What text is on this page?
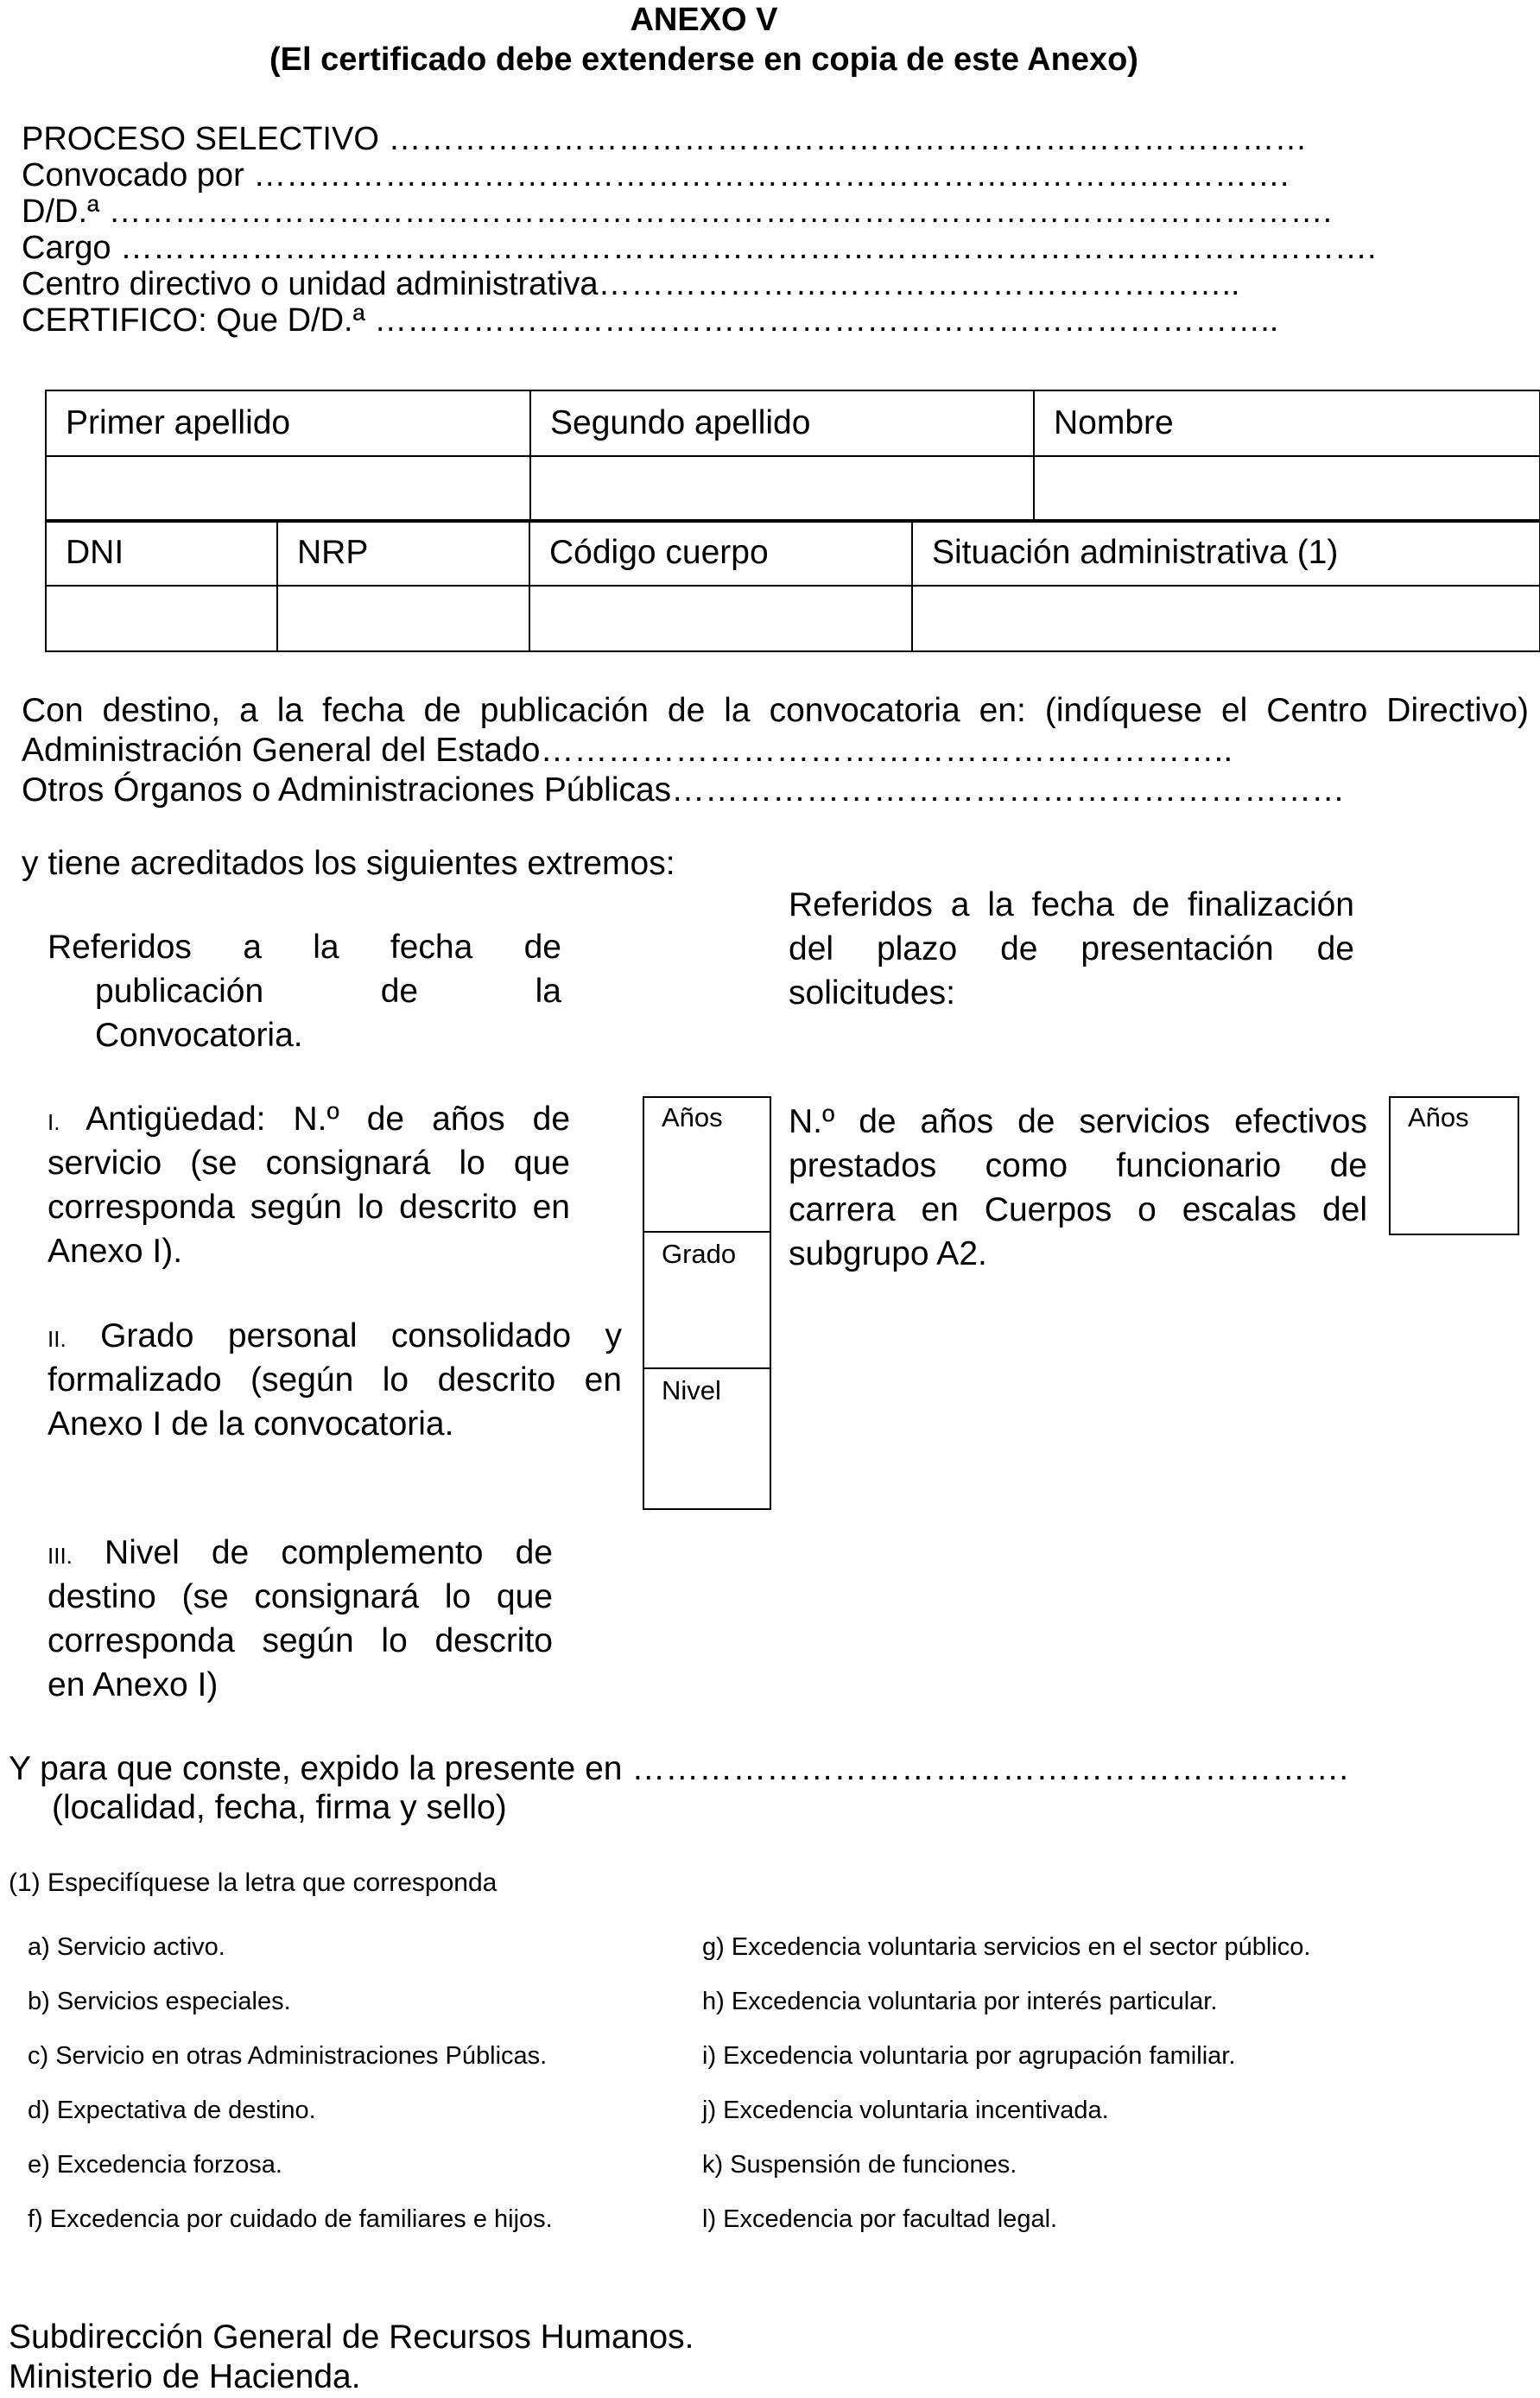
ANEXO V
(El certificado debe extenderse en copia de este Anexo)
PROCESO SELECTIVO …………………………………………………………………………
Convocado por ……………………………………………………………………….………….
D/D.ª ………………………………………………………………………………………………….
Cargo …………………………………………………………………………………………………….
Centro directivo o unidad administrativa…………………………………………………..
CERTIFICO: Que D/D.ª ………………………………………………………………………..
Primer apellido	Segundo apellido	Nombre

DNI	NRP	Código cuerpo	Situación administrativa (1)

Con destino, a la fecha de publicación de la convocatoria en: (indíquese el Centro Directivo)
Administración General del Estado……………………………………………………..
Otros Órganos o Administraciones Públicas……………………………………………………
y tiene acreditados los siguientes extremos:
Referidos a la fecha de
publicación de la
Convocatoria.
Referidos a la fecha de finalización
del plazo de presentación de
solicitudes:
I. Antigüedad: N.º de años de
servicio (se consignará lo que
corresponda según lo descrito en
Anexo I).
II. Grado personal consolidado y
formalizado (según lo descrito en
Anexo I de la convocatoria.
III. Nivel de complemento de
destino (se consignará lo que
corresponda según lo descrito
en Anexo I)
Años
Grado
Nivel
N.º de años de servicios efectivos
prestados como funcionario de
carrera en Cuerpos o escalas del
subgrupo A2.
Años
Y para que conste, expido la presente en ……………………………………………………….
(localidad, fecha, firma y sello)
(1) Especifíquese la letra que corresponda
a) Servicio activo.
b) Servicios especiales.
c) Servicio en otras Administraciones Públicas.
d) Expectativa de destino.
e) Excedencia forzosa.
f) Excedencia por cuidado de familiares e hijos.
g) Excedencia voluntaria servicios en el sector público.
h) Excedencia voluntaria por interés particular.
i) Excedencia voluntaria por agrupación familiar.
j) Excedencia voluntaria incentivada.
k) Suspensión de funciones.
l) Excedencia por facultad legal.
Subdirección General de Recursos Humanos.
Ministerio de Hacienda.
